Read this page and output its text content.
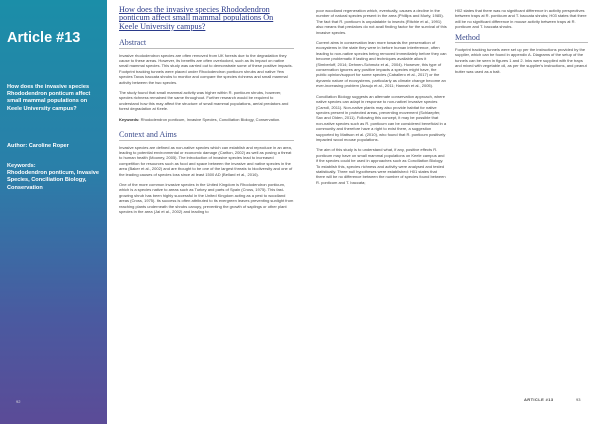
Article #13
How does the invasive species Rhododendron ponticum affect small mammal populations on Keele University campus?
Author: Caroline Roper
Keywords:
Rhododendron ponticum, Invasive Species, Conciliation Biology, Conservation
92
How does the invasive species Rhododendron ponticum affect small mammal populations On Keele University campus?
Abstract

Invasive rhododendron species are often removed from UK forests due to the degradation they cause to these areas. However, its benefits are often overlooked, such as its impact on native small mammal species. This study was carried out to demonstrate some of these positive impacts. Footprint tracking tunnels were placed under Rhododendron ponticum shrubs and native Yew species Taxus baccata shrubs to monitor and compare the species richness and small mammal activity between the two species.

The study found that small mammal activity was higher within R. ponticum shrubs, however, species richness remained the same throughout. Further research would be required to understand how this may affect the structure of small mammal populations, aerial predators and forest degradation at Keele.

Keywords: Rhododendron ponticum, Invasive Species, Conciliation Biology, Conservation.
Context and Aims

Invasive species are defined as non-native species which can establish and reproduce in an area, leading to potential environmental or economic damage (Carlton, 2002) as well as posing a threat to human health (Mooney, 2005). The introduction of invasive species lead to increased competition for resources such as food and space between the invasive and native species in the area (Baker et al., 2002) and are thought to be one of the largest threats to biodiversity and one of the leading causes of species loss since at least 1500 AD (Bellard et al., 2016).

One of the more common invasive species in the United Kingdom is Rhododendron ponticum, which is a species native to areas such as Turkey and parts of Spain (Cross, 1975). This fast-growing shrub has been highly successful in the United Kingdom acting as a pest to woodland areas (Cross, 1975). Its success is often attributed to its evergreen leaves preventing sunlight from reaching plants underneath the shrubs canopy, preventing the growth of saplings or other plant species in the area (Jai et al., 2002) and leading to

poor woodland regeneration which, eventually, causes a decline in the number of natural species present in the area (Phillips and Murty, 1985). The fact that R. ponticum is unpalatable to insects (Ritchie et al., 1991) also means that predators do not avail finding factor for the survival of this invasive species.

Current aims in conservation lean more towards the preservation of ecosystems in the state they were in before human interference, often leading to non-native species being removed immediately before they can become problematic if lasting and techniques available allow it (Simberloff, 2014; Dehnen-Schmutz et al., 2004). However, this type of conservation ignores any positive impacts a species might have, the public opinion/support for some species (Caballero et al., 2017) or the dynamic nature of ecosystems, particularly as climate change become an ever-increasing problem (Araujo et al., 2011; Hannah et al., 2005).

Conciliation Biology suggests an alternate conservation approach, where native species can adapt in response to non-native/ invasive species (Carroll, 2011). Non-native plants may also provide habitat for native species present in protected areas, preventing movement (Schlaepfer, Sax and Olden, 2011). Following this concept, it may be possible that non-native species such as R. ponticum can be considered beneficial in a community and therefore have a right to exist there, a suggestion supported by Mattson et al. (2010), who found that R. ponticum positively impacted wood mouse populations.

The aim of this study is to understand what, if any, positive effects R. ponticum may have on small mammal populations on Keele campus and if the species could be used in approaches such as Conciliation Biology. To establish this, species richness and activity were analysed and tested statistically. Three null hypotheses were established: H01 states that there will be no difference between the number of species found between R. ponticum and T. baccata;

H02 states that there was no significant difference in activity perspectives between traps at R. ponticum and T. baccata shrubs; H03 states that there will be no significant difference in mouse activity between traps at R. ponticum and T. baccata shrubs.

Method

Footprint tracking tunnels were set up per the instructions provided by the supplier, which can be found in appendix A. Diagrams of the setup of the tunnels can be seen in figures 1 and 2. Inks were supplied with the traps and mixed with vegetable oil, as per the supplier's instructions, and peanut butter was used as a bait.

ARTICLE #13	93
